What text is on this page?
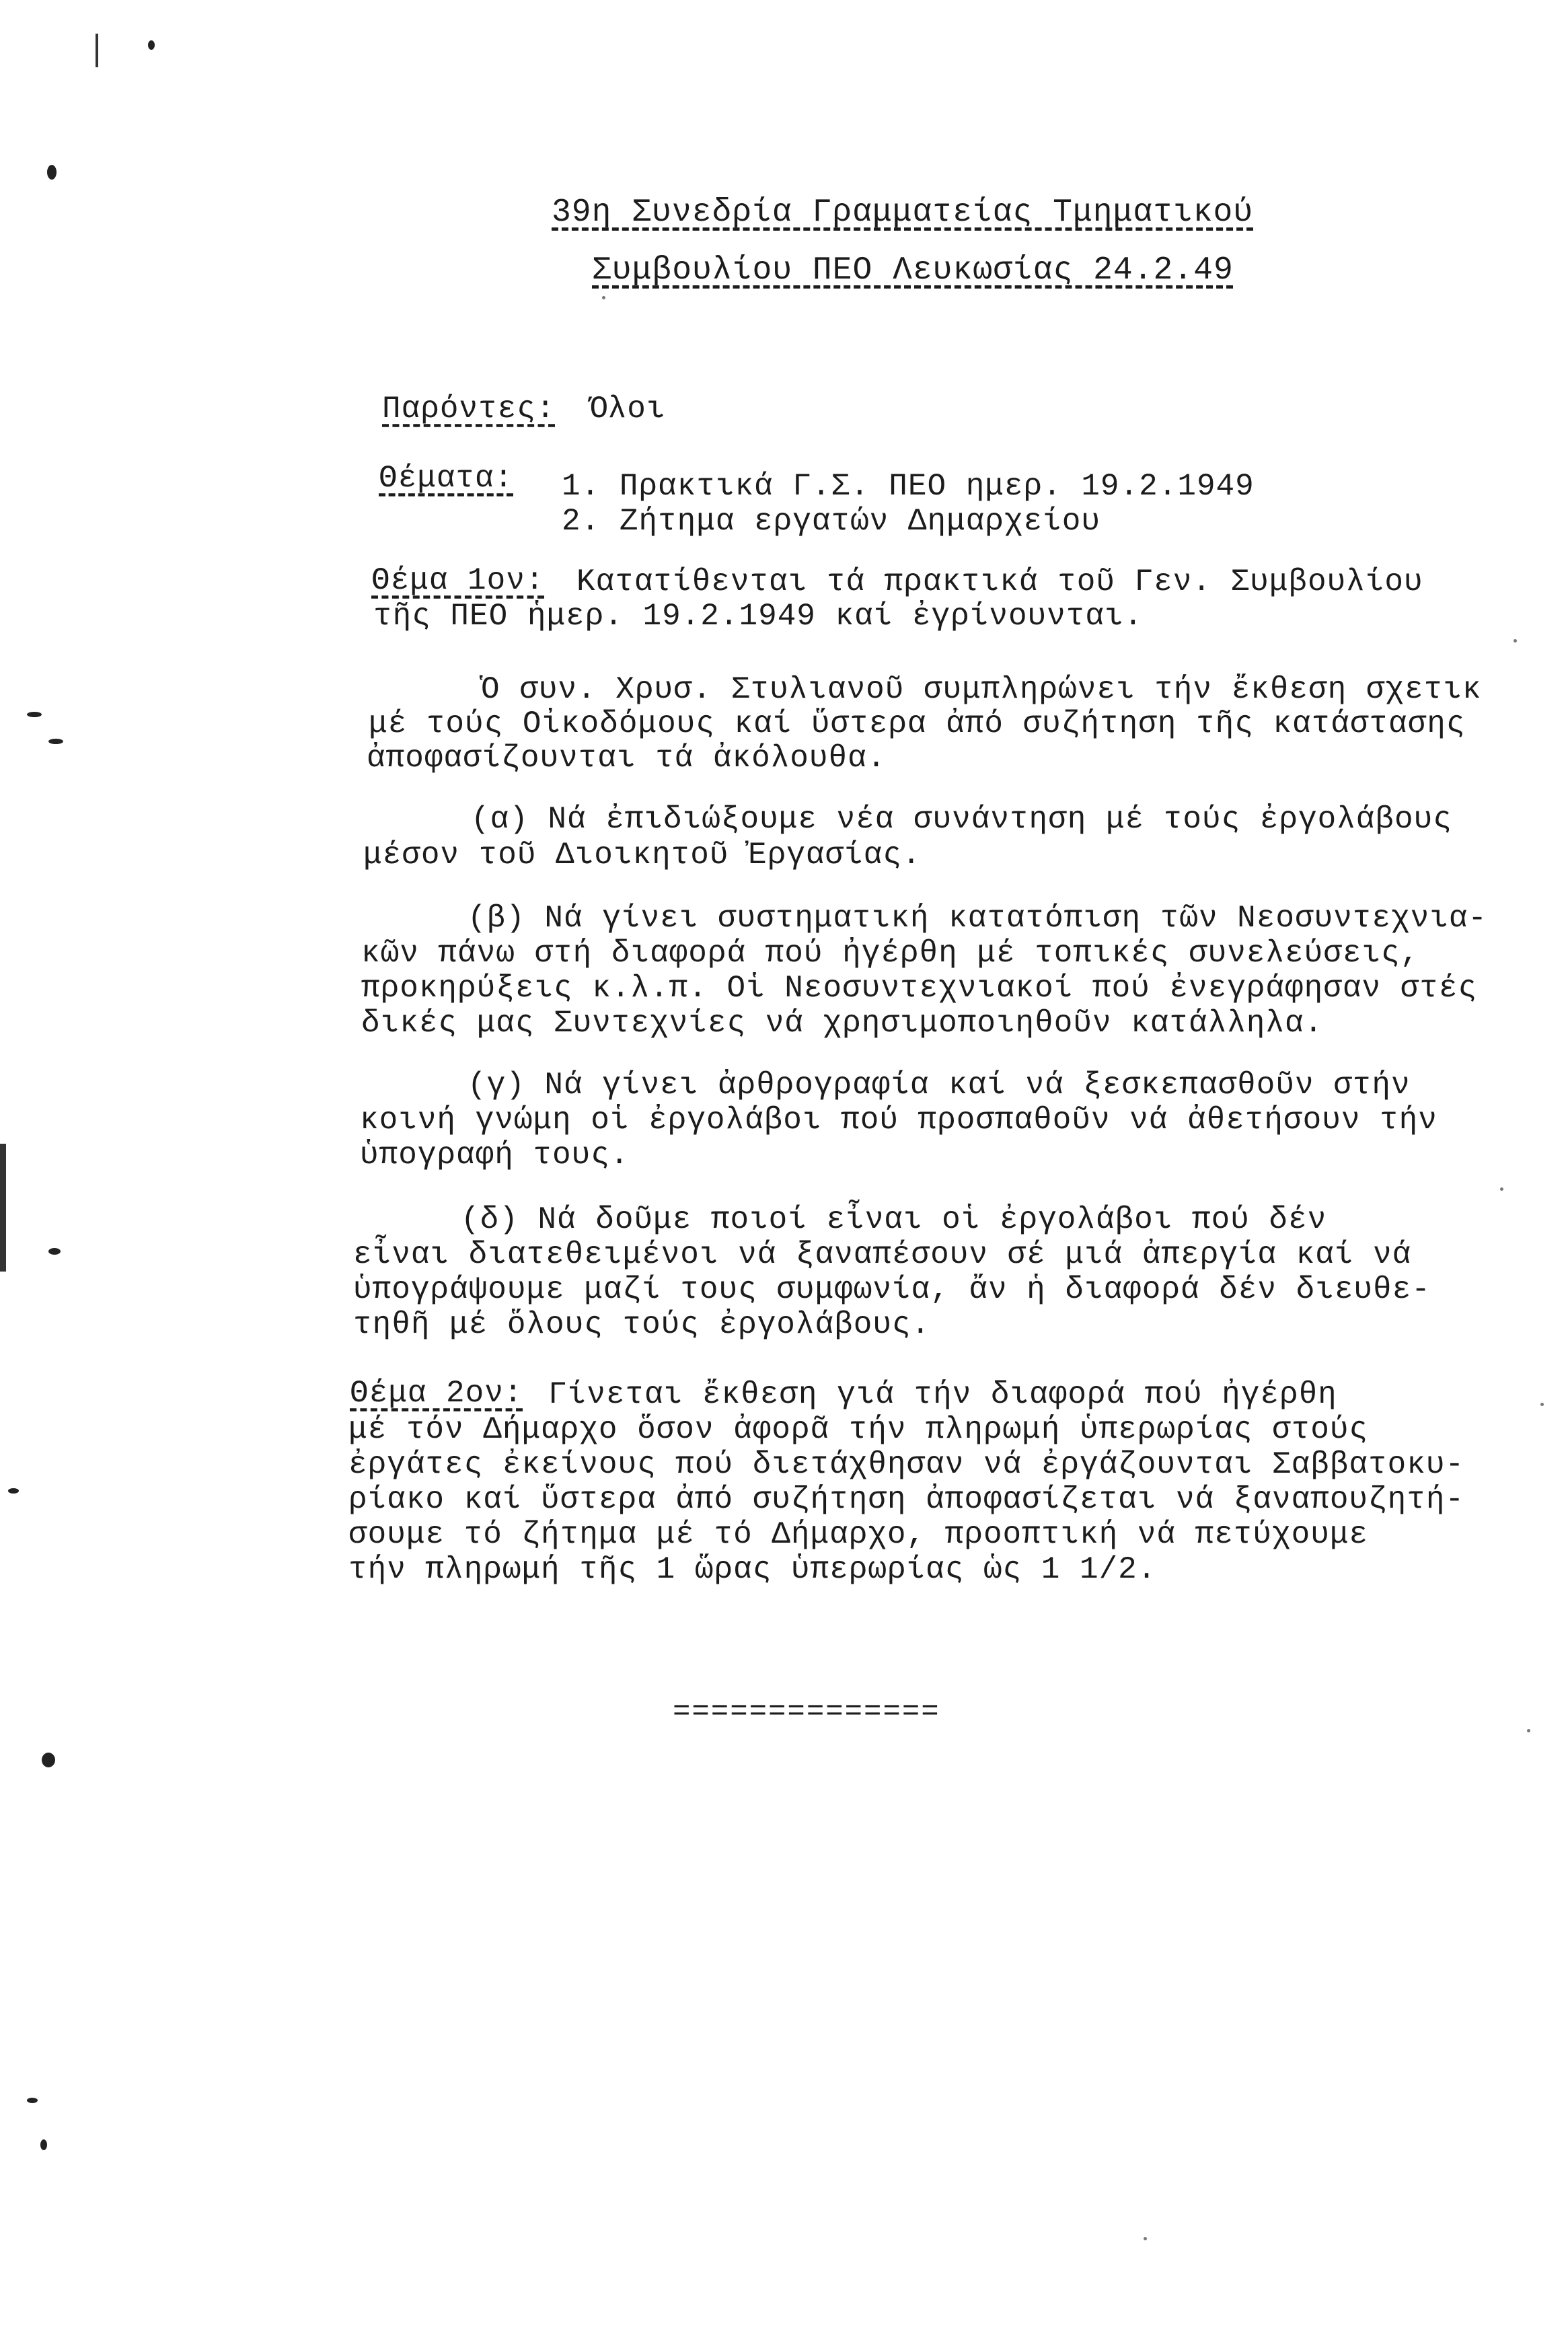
39η Συνεδρία Γραμματείας Τμηματικού
Συμβουλίου ΠΕΟ Λευκωσίας 24.2.49
Παρόντες: Όλοι
Θέματα: 1. Πρακτικά Γ.Σ. ΠΕΟ ημερ. 19.2.1949
2. Ζήτημα εργατών Δημαρχείου
Θέμα 1ον: Κατατίθενται τά πρακτικά τοῦ Γεν. Συμβουλίου
τῆς ΠΕΟ ἡμερ. 19.2.1949 καί ἐγρίνουνται.
Ὁ συν. Χρυσ. Στυλιανοῦ συμπληρώνει τήν ἔκθεση σχετικ
μέ τούς Οἰκοδόμους καί ὕστερα ἀπό συζήτηση τῆς κατάστασης
ἀποφασίζουνται τά ἀκόλουθα.
(α) Νά ἐπιδιώξουμε νέα συνάντηση μέ τούς ἐργολάβους
μέσον τοῦ Διοικητοῦ Ἐργασίας.
(β) Νά γίνει συστηματική κατατόπιση τῶν Νεοσυντεχνια-
κῶν πάνω στή διαφορά πού ἠγέρθη μέ τοπικές συνελεύσεις,
προκηρύξεις κ.λ.π. Οἱ Νεοσυντεχνιακοί πού ἐνεγράφησαν στές
δικές μας Συντεχνίες νά χρησιμοποιηθοῦν κατάλληλα.
(γ) Νά γίνει ἀρθρογραφία καί νά ξεσκεπασθοῦν στήν
κοινή γνώμη οἱ ἐργολάβοι πού προσπαθοῦν νά ἀθετήσουν τήν
ὑπογραφή τους.
(δ) Νά δοῦμε ποιοί εἶναι οἱ ἐργολάβοι πού δέν
εἶναι διατεθειμένοι νά ξαναπέσουν σέ μιά ἀπεργία καί νά
ὑπογράψουμε μαζί τους συμφωνία, ἄν ἡ διαφορά δέν διευθε-
τηθῆ μέ ὅλους τούς ἐργολάβους.
Θέμα 2ον: Γίνεται ἔκθεση γιά τήν διαφορά πού ἠγέρθη
μέ τόν Δήμαρχο ὅσον ἀφορᾶ τήν πληρωμή ὑπερωρίας στούς
ἐργάτες ἐκείνους πού διετάχθησαν νά ἐργάζουνται Σαββατοκυ-
ρίακο καί ὕστερα ἀπό συζήτηση ἀποφασίζεται νά ξαναπουζητή-
σουμε τό ζήτημα μέ τό Δήμαρχο, προοπτική νά πετύχουμε
τήν πληρωμή τῆς 1 ὥρας ὑπερωρίας ὡς 1 1/2.
==============
